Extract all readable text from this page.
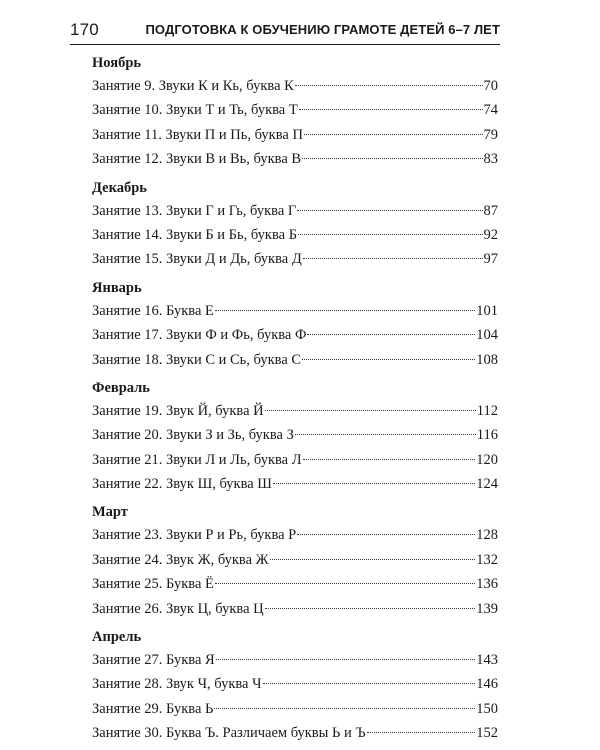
170	ПОДГОТОВКА К ОБУЧЕНИЮ ГРАМОТЕ ДЕТЕЙ 6–7 ЛЕТ
Ноябрь
Занятие 9. Звуки К и Кь, буква К	70
Занятие 10. Звуки Т и Ть, буква Т	74
Занятие 11. Звуки П и Пь, буква П	79
Занятие 12. Звуки В и Вь, буква В	83
Декабрь
Занятие 13. Звуки Г и Гь, буква Г	87
Занятие 14. Звуки Б и Бь, буква Б	92
Занятие 15. Звуки Д и Дь, буква Д	97
Январь
Занятие 16. Буква Е	101
Занятие 17. Звуки Ф и Фь, буква Ф	104
Занятие 18. Звуки С и Сь, буква С	108
Февраль
Занятие 19. Звук Й, буква Й	112
Занятие 20. Звуки З и Зь, буква З	116
Занятие 21. Звуки Л и Ль, буква Л	120
Занятие 22. Звук Ш, буква Ш	124
Март
Занятие 23. Звуки Р и Рь, буква Р	128
Занятие 24. Звук Ж, буква Ж	132
Занятие 25. Буква Ё	136
Занятие 26. Звук Ц, буква Ц	139
Апрель
Занятие 27. Буква Я	143
Занятие 28. Звук Ч, буква Ч	146
Занятие 29. Буква Ь	150
Занятие 30. Буква Ъ. Различаем буквы Ь и Ъ	152
